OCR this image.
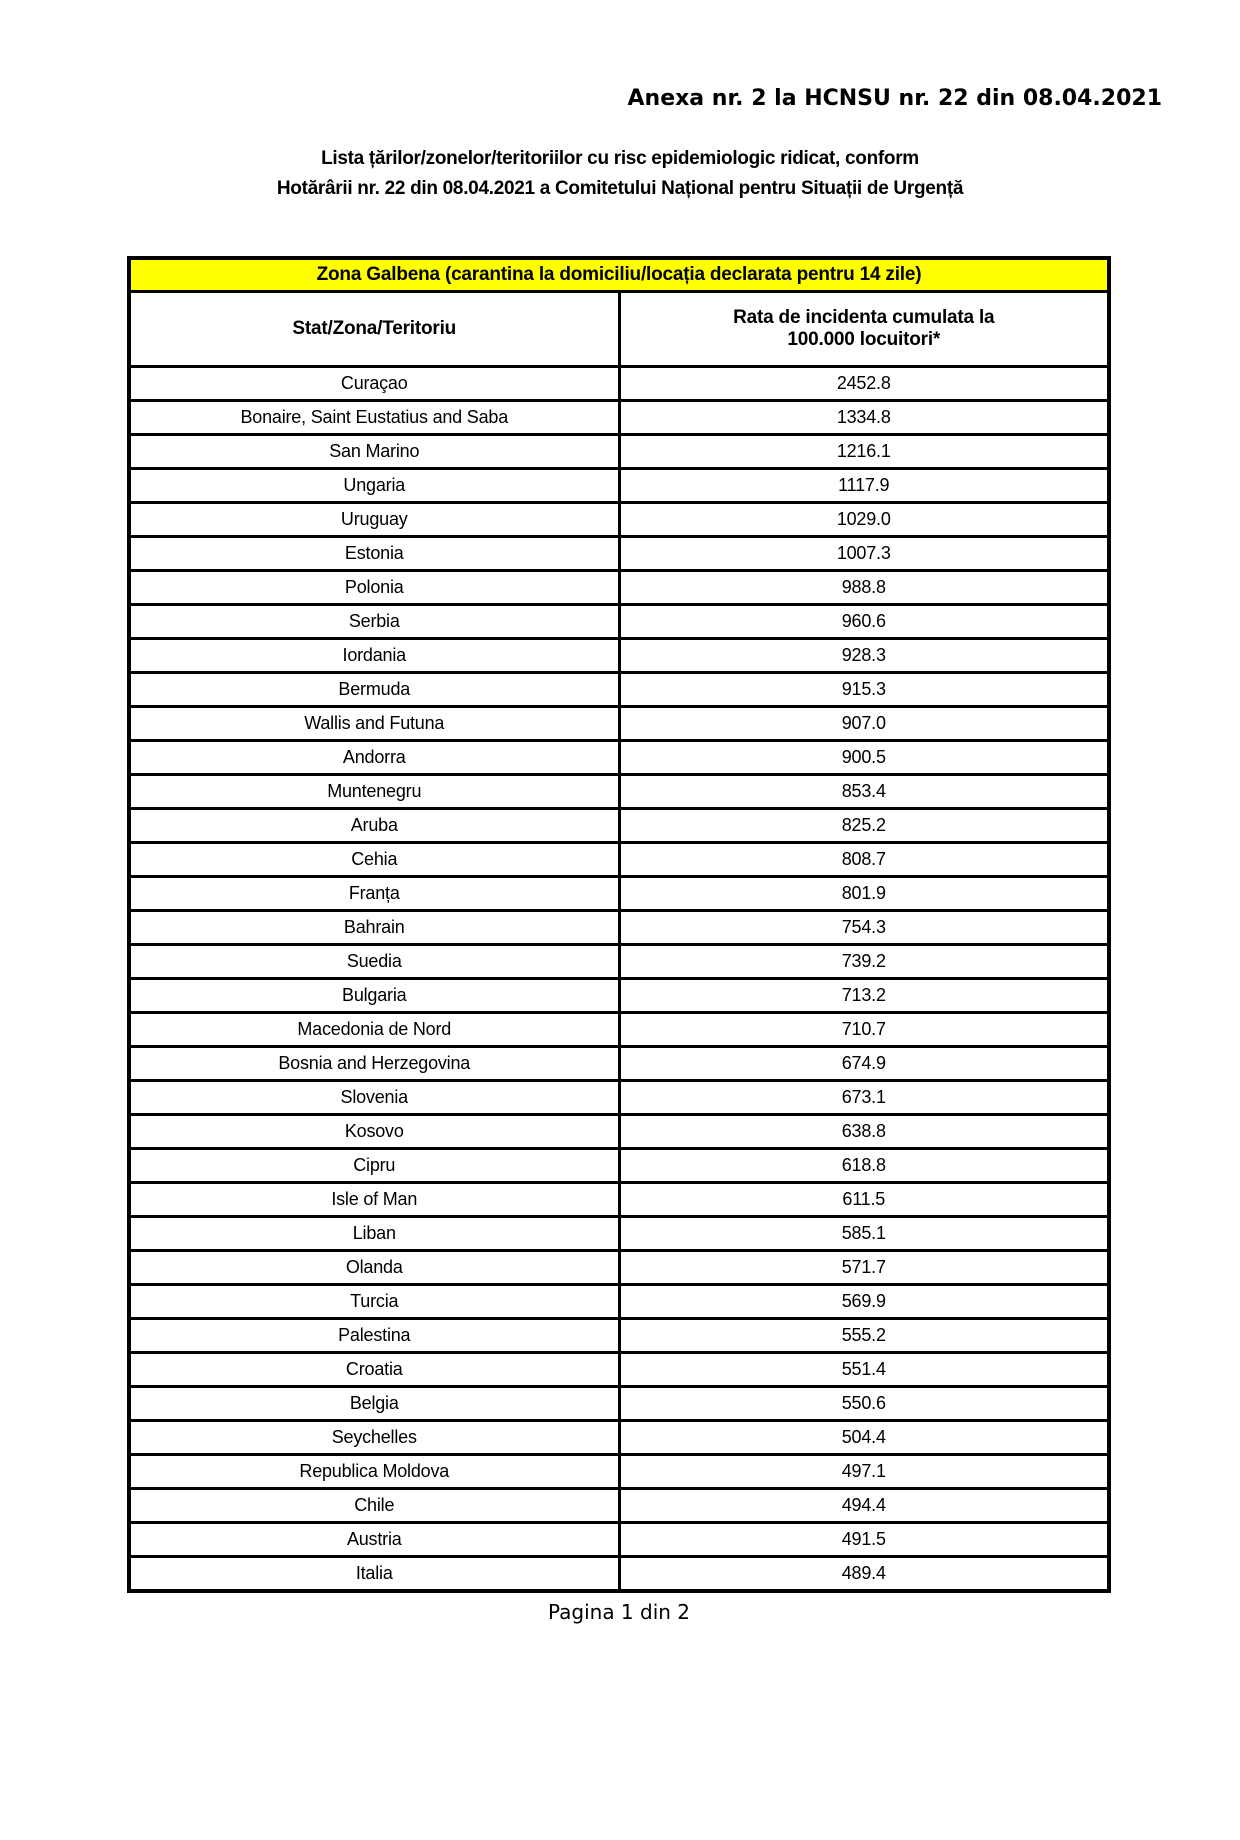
Anexa nr. 2 la HCNSU nr. 22 din 08.04.2021
Lista țărilor/zonelor/teritoriilor cu risc epidemiologic ridicat, conform
Hotărârii nr. 22 din 08.04.2021 a Comitetului Național pentru Situații de Urgență
Zona Galbena (carantina la domiciliu/locația declarata pentru 14 zile)	
Stat/Zona/Teritoriu	Rata de incidenta cumulata la 100.000 locuitori*
Curaçao	2452.8
Bonaire, Saint Eustatius and Saba	1334.8
San Marino	1216.1
Ungaria	1117.9
Uruguay	1029.0
Estonia	1007.3
Polonia	988.8
Serbia	960.6
Iordania	928.3
Bermuda	915.3
Wallis and Futuna	907.0
Andorra	900.5
Muntenegru	853.4
Aruba	825.2
Cehia	808.7
Franța	801.9
Bahrain	754.3
Suedia	739.2
Bulgaria	713.2
Macedonia de Nord	710.7
Bosnia and Herzegovina	674.9
Slovenia	673.1
Kosovo	638.8
Cipru	618.8
Isle of Man	611.5
Liban	585.1
Olanda	571.7
Turcia	569.9
Palestina	555.2
Croatia	551.4
Belgia	550.6
Seychelles	504.4
Republica Moldova	497.1
Chile	494.4
Austria	491.5
Italia	489.4
Pagina 1 din 2
